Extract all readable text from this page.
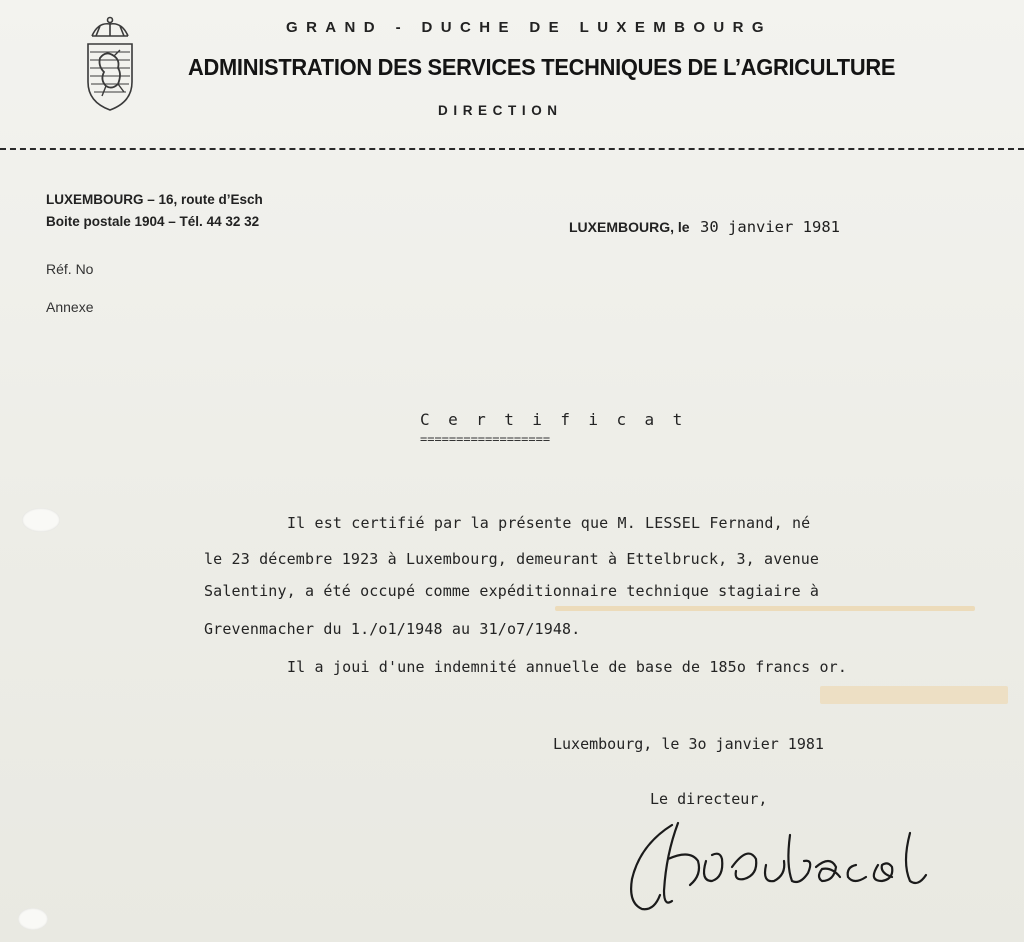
GRAND - DUCHE DE LUXEMBOURG
ADMINISTRATION DES SERVICES TECHNIQUES DE L’AGRICULTURE
DIRECTION
LUXEMBOURG – 16, route d’Esch
Boite postale 1904 – Tél. 44 32 32
Réf. No
Annexe
LUXEMBOURG, le 30 janvier 1981
C e r t i f i c a t
==================
Il est certifié par la présente que M. LESSEL Fernand, né
le 23 décembre 1923 à Luxembourg, demeurant à Ettelbruck, 3, avenue
Salentiny, a été occupé comme expéditionnaire technique stagiaire à
Grevenmacher du 1./o1/1948 au 31/o7/1948.
Il a joui d'une indemnité annuelle de base de 185o francs or.
Luxembourg, le 3o janvier 1981
Le directeur,
